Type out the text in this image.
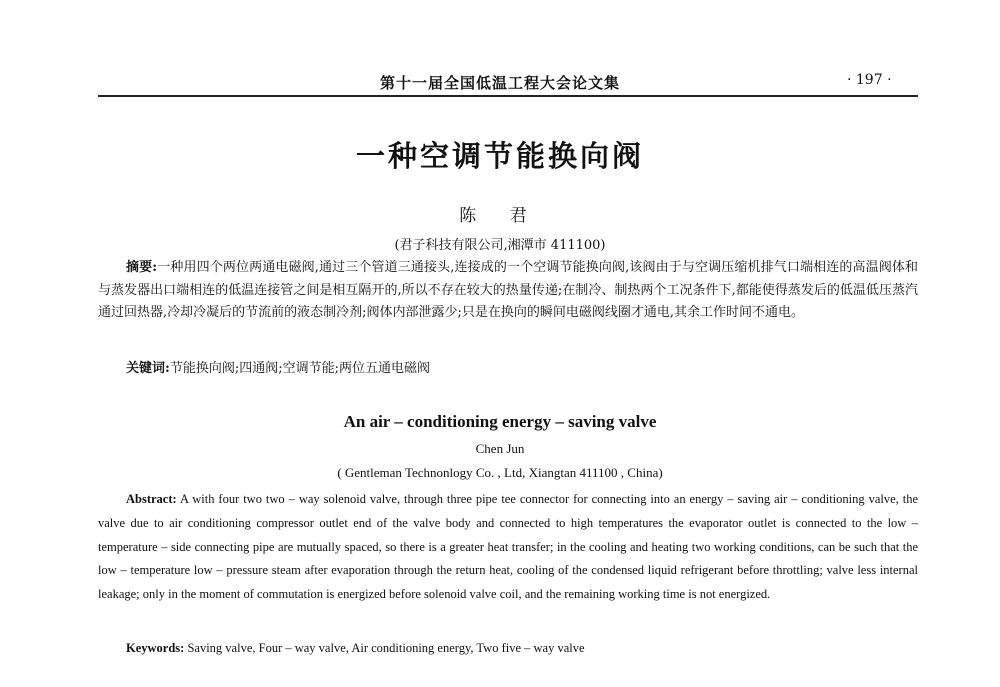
第十一届全国低温工程大会论文集	· 197 ·
一种空调节能换向阀
陈 君
(君子科技有限公司,湘潭市 411100)
摘要:一种用四个两位两通电磁阀,通过三个管道三通接头,连接成的一个空调节能换向阀,该阀由于与空调压缩机排气口端相连的高温阀体和与蒸发器出口端相连的低温连接管之间是相互隔开的,所以不存在较大的热量传递;在制冷、制热两个工况条件下,都能使得蒸发后的低温低压蒸汽通过回热器,冷却冷凝后的节流前的液态制冷剂;阀体内部泄露少;只是在换向的瞬间电磁阀线圈才通电,其余工作时间不通电。
关键词:节能换向阀;四通阀;空调节能;两位五通电磁阀
An air – conditioning energy – saving valve
Chen Jun
( Gentleman Technonlogy Co. , Ltd, Xiangtan 411100 , China)
Abstract: A with four two two – way solenoid valve, through three pipe tee connector for connecting into an energy – saving air – conditioning valve, the valve due to air conditioning compressor outlet end of the valve body and connected to high temperatures the evaporator outlet is connected to the low – temperature – side connecting pipe are mutually spaced, so there is a greater heat transfer; in the cooling and heating two working conditions, can be such that the low – temperature low – pressure steam after evaporation through the return heat, cooling of the condensed liquid refrigerant before throttling; valve less internal leakage; only in the moment of commutation is energized before solenoid valve coil, and the remaining working time is not energized.
Keywords: Saving valve, Four – way valve, Air conditioning energy, Two five – way valve
